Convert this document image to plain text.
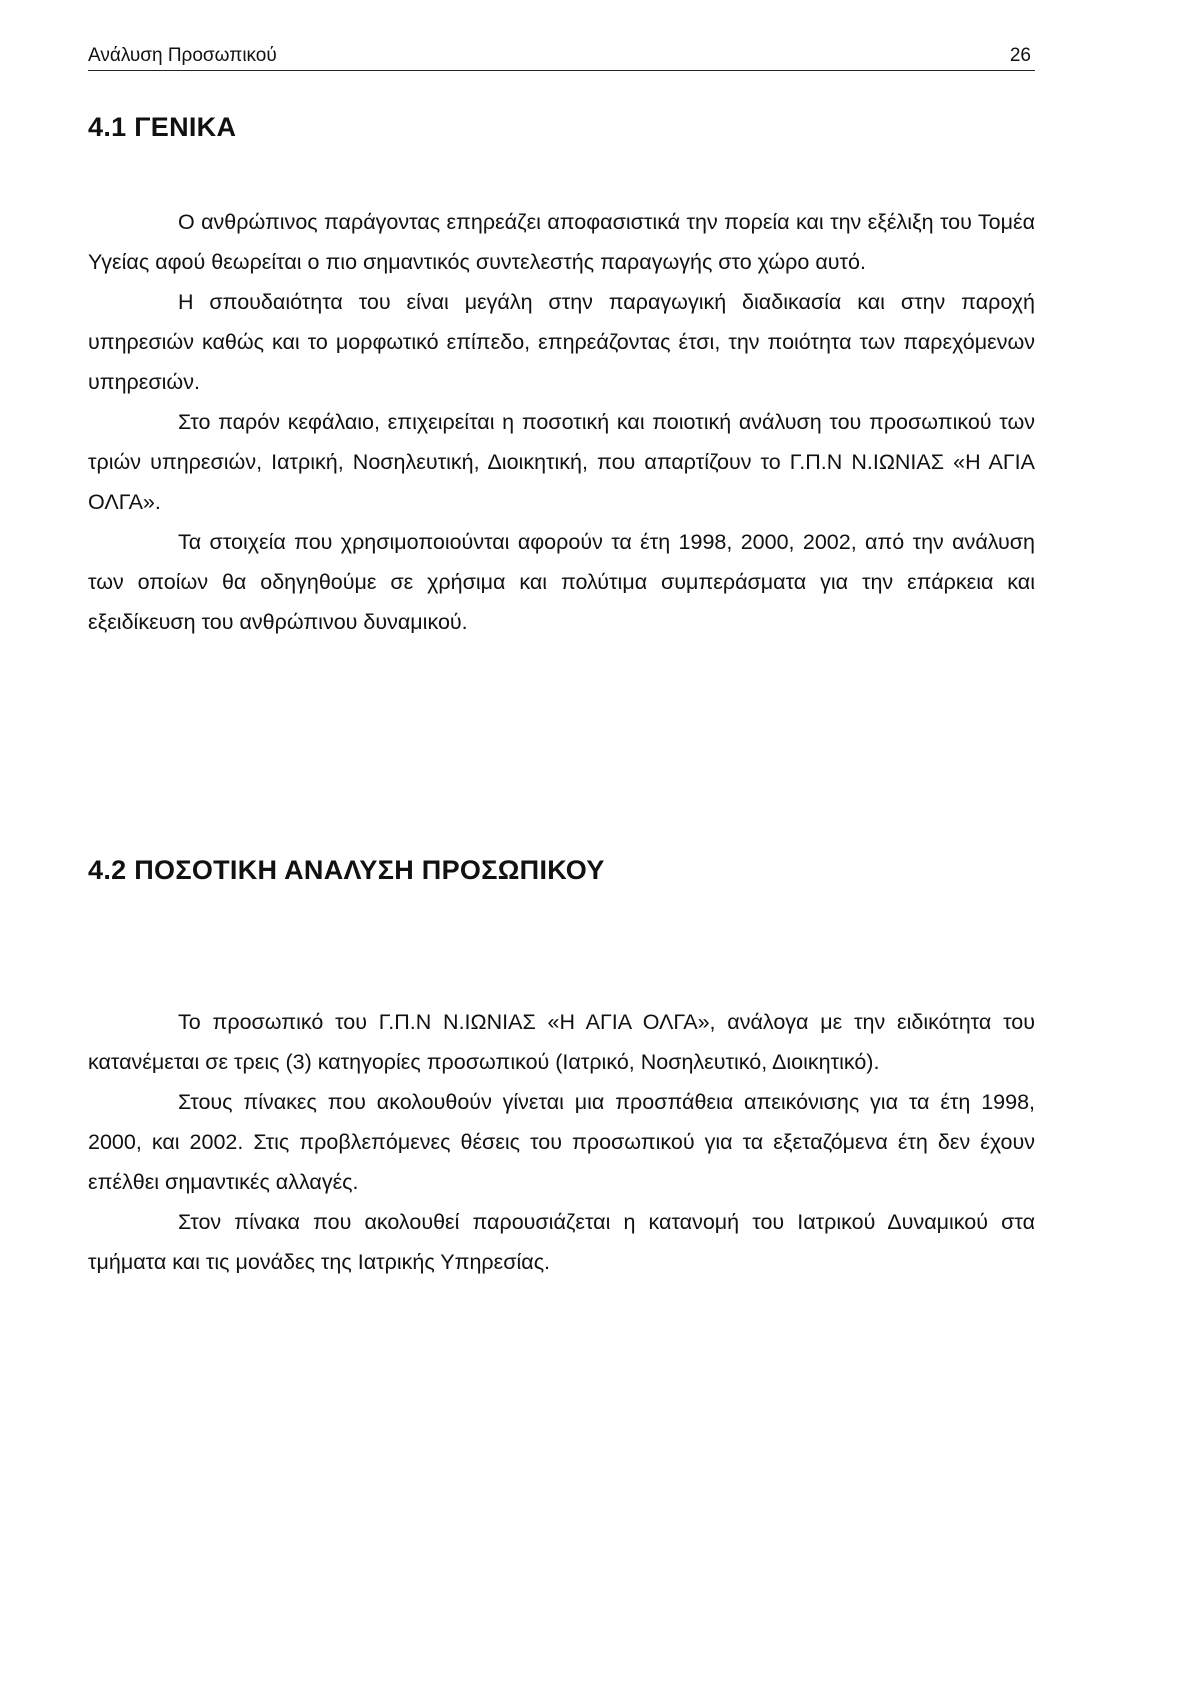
Ανάλυση Προσωπικού	26
4.1 ΓΕΝΙΚΑ

Ο ανθρώπινος παράγοντας επηρεάζει αποφασιστικά την πορεία και την εξέλιξη του Τομέα Υγείας αφού θεωρείται ο πιο σημαντικός συντελεστής παραγωγής στο χώρο αυτό.

Η σπουδαιότητα του είναι μεγάλη στην παραγωγική διαδικασία και στην παροχή υπηρεσιών καθώς και το μορφωτικό επίπεδο, επηρεάζοντας έτσι, την ποιότητα των παρεχόμενων υπηρεσιών.

Στο παρόν κεφάλαιο, επιχειρείται η ποσοτική και ποιοτική ανάλυση του προσωπικού των τριών υπηρεσιών, Ιατρική, Νοσηλευτική, Διοικητική, που απαρτίζουν το Γ.Π.Ν Ν.ΙΩΝΙΑΣ «Η ΑΓΙΑ ΟΛΓΑ».

Τα στοιχεία που χρησιμοποιούνται αφορούν τα έτη 1998, 2000, 2002, από την ανάλυση των οποίων θα οδηγηθούμε σε χρήσιμα και πολύτιμα συμπεράσματα για την επάρκεια και εξειδίκευση του ανθρώπινου δυναμικού.

4.2 ΠΟΣΟΤΙΚΗ ΑΝΑΛΥΣΗ ΠΡΟΣΩΠΙΚΟΥ

Το προσωπικό του Γ.Π.Ν Ν.ΙΩΝΙΑΣ «Η ΑΓΙΑ ΟΛΓΑ», ανάλογα με την ειδικότητα του κατανέμεται σε τρεις (3) κατηγορίες προσωπικού (Ιατρικό, Νοσηλευτικό, Διοικητικό).

Στους πίνακες που ακολουθούν γίνεται μια προσπάθεια απεικόνισης για τα έτη 1998, 2000, και 2002. Στις προβλεπόμενες θέσεις του προσωπικού για τα εξεταζόμενα έτη δεν έχουν επέλθει σημαντικές αλλαγές.

Στον πίνακα που ακολουθεί παρουσιάζεται η κατανομή του Ιατρικού Δυναμικού στα τμήματα και τις μονάδες της Ιατρικής Υπηρεσίας.
